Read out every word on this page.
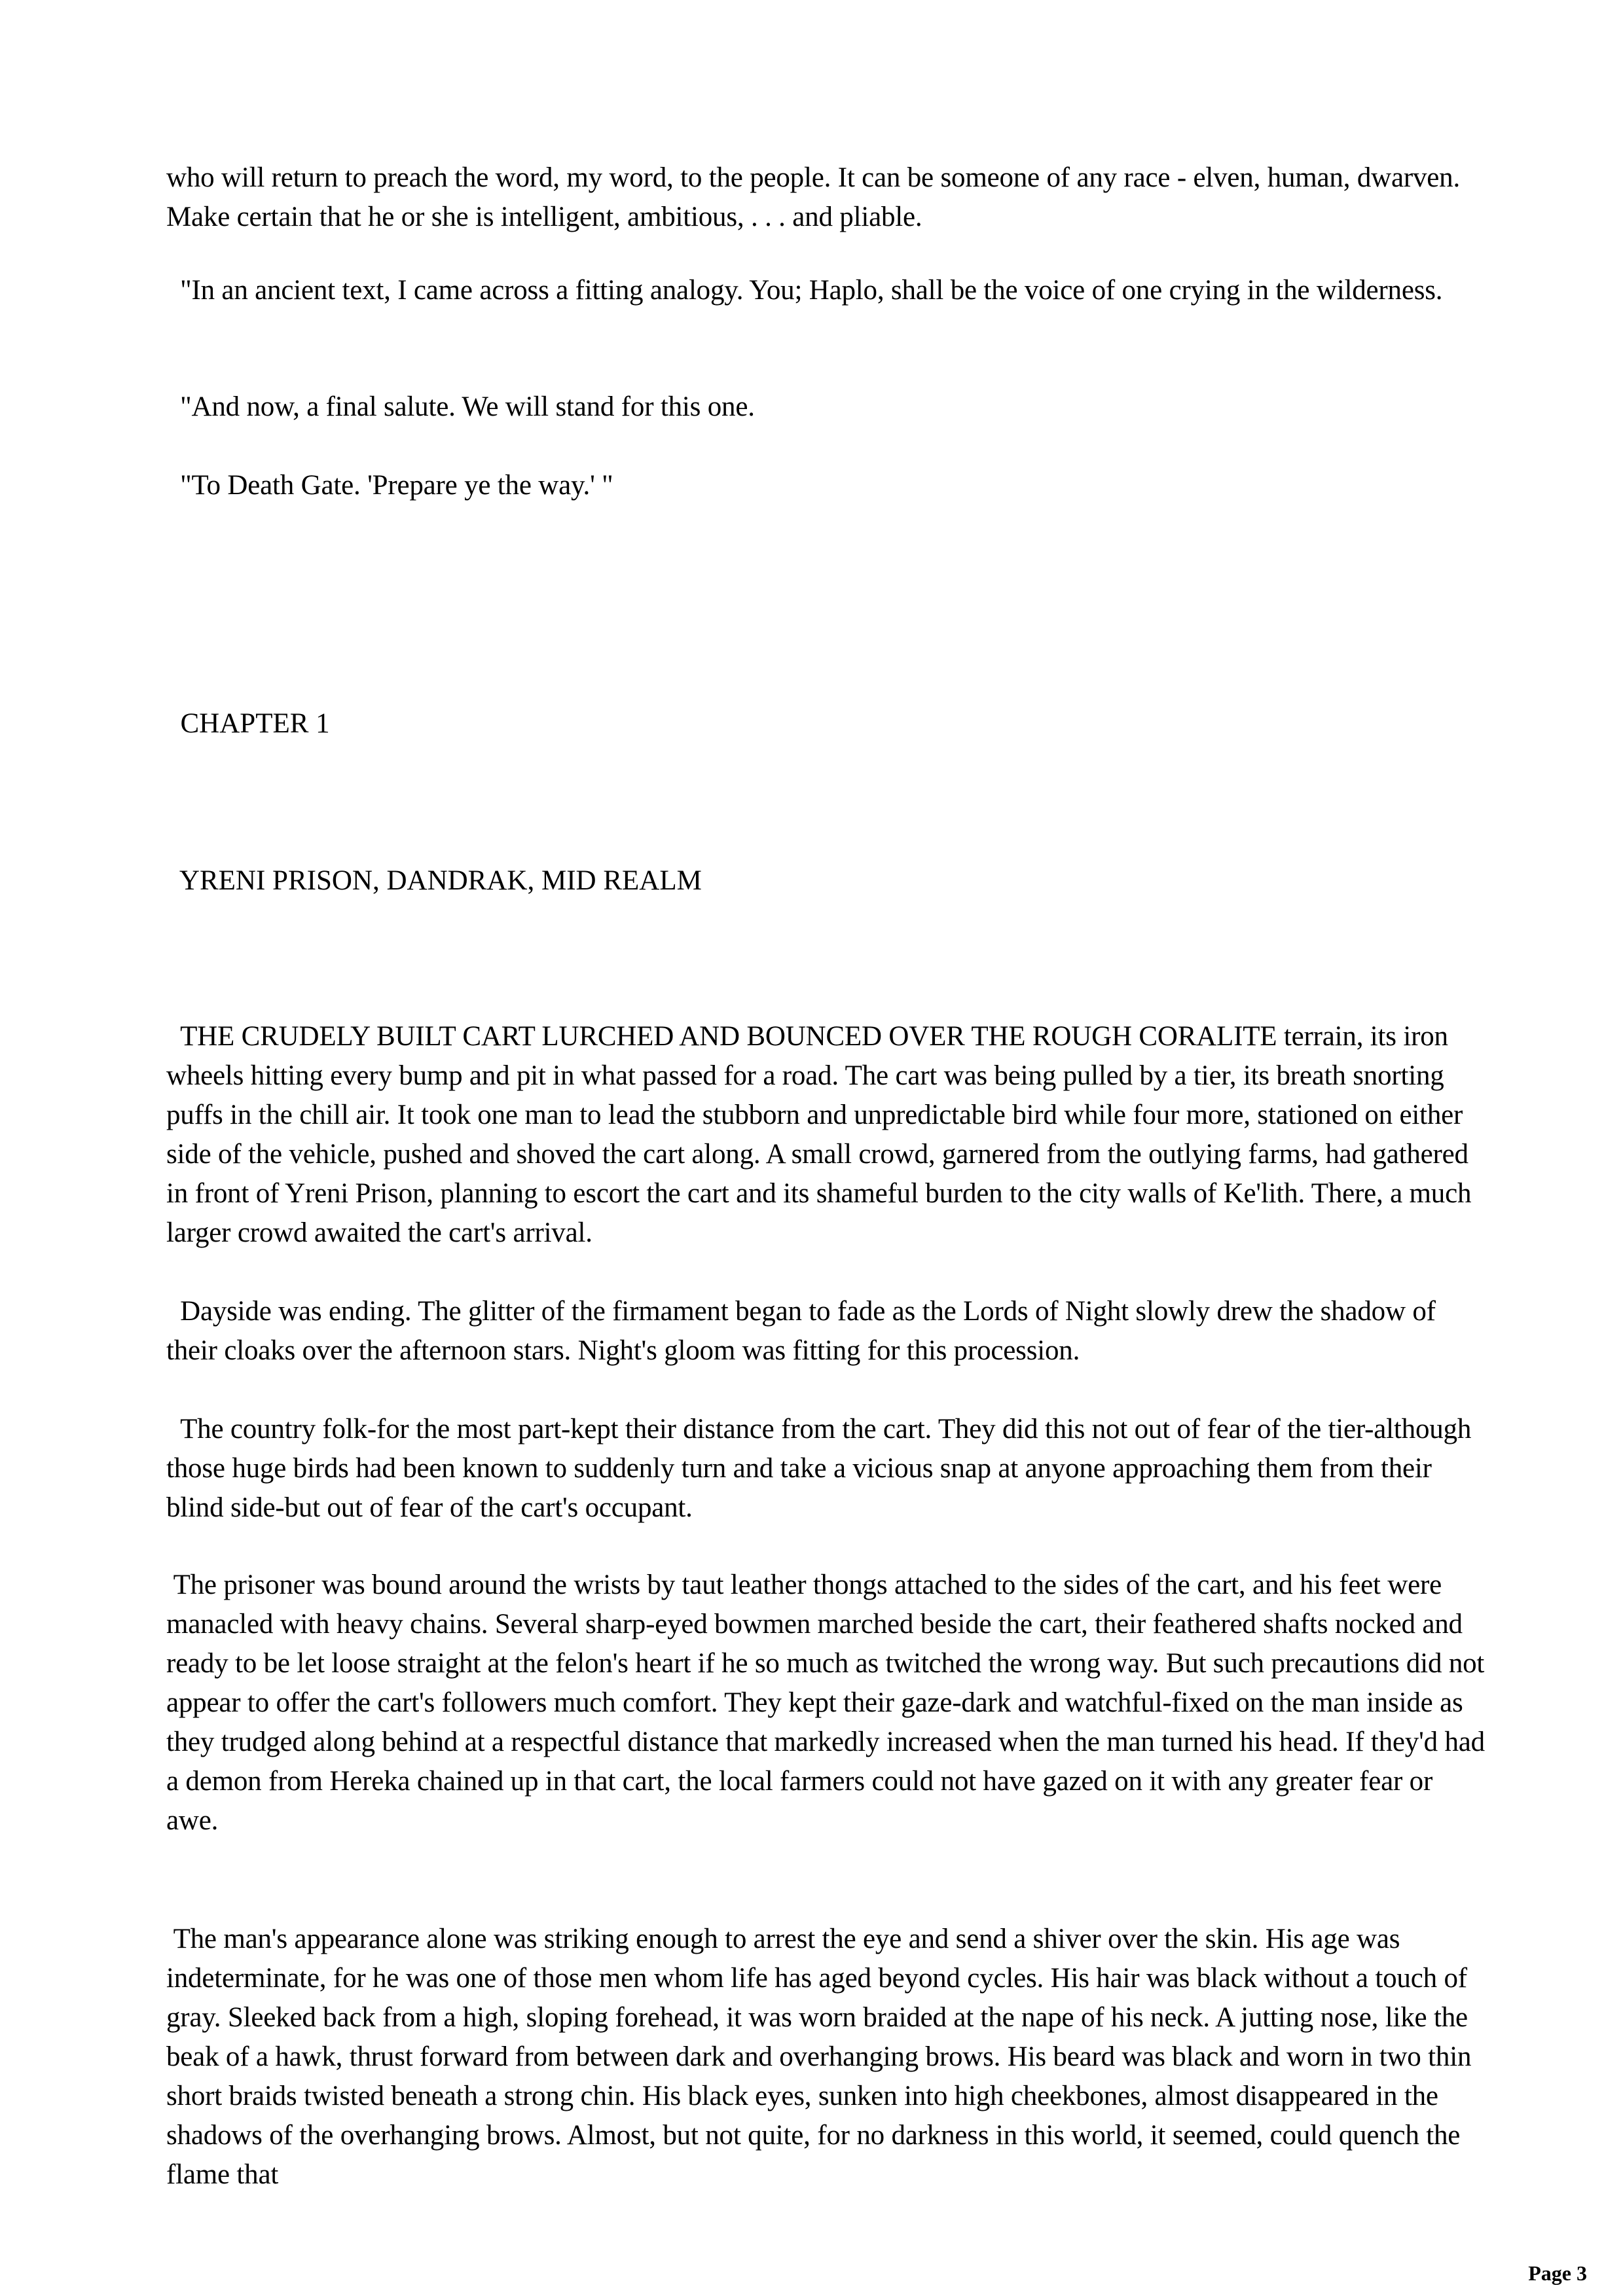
who will return to preach the word, my word, to the people. It can be someone of any race - elven, human, dwarven. Make certain that he or she is intelligent, ambitious, . . . and pliable.

"In an ancient text, I came across a fitting analogy. You; Haplo, shall be the voice of one crying in the wilderness.

"And now, a final salute. We will stand for this one.

"To Death Gate. 'Prepare ye the way.' "

CHAPTER 1

YRENI PRISON, DANDRAK, MID REALM

THE CRUDELY BUILT CART LURCHED AND BOUNCED OVER THE ROUGH CORALITE terrain, its iron wheels hitting every bump and pit in what passed for a road. The cart was being pulled by a tier, its breath snorting puffs in the chill air. It took one man to lead the stubborn and unpredictable bird while four more, stationed on either side of the vehicle, pushed and shoved the cart along. A small crowd, garnered from the outlying farms, had gathered in front of Yreni Prison, planning to escort the cart and its shameful burden to the city walls of Ke'lith. There, a much larger crowd awaited the cart's arrival.

Dayside was ending. The glitter of the firmament began to fade as the Lords of Night slowly drew the shadow of their cloaks over the afternoon stars. Night's gloom was fitting for this procession.

The country folk-for the most part-kept their distance from the cart. They did this not out of fear of the tier-although those huge birds had been known to suddenly turn and take a vicious snap at anyone approaching them from their blind side-but out of fear of the cart's occupant.

The prisoner was bound around the wrists by taut leather thongs attached to the sides of the cart, and his feet were manacled with heavy chains. Several sharp-eyed bowmen marched beside the cart, their feathered shafts nocked and ready to be let loose straight at the felon's heart if he so much as twitched the wrong way. But such precautions did not appear to offer the cart's followers much comfort. They kept their gaze-dark and watchful-fixed on the man inside as they trudged along behind at a respectful distance that markedly increased when the man turned his head. If they'd had a demon from Hereka chained up in that cart, the local farmers could not have gazed on it with any greater fear or awe.

The man's appearance alone was striking enough to arrest the eye and send a shiver over the skin. His age was indeterminate, for he was one of those men whom life has aged beyond cycles. His hair was black without a touch of gray. Sleeked back from a high, sloping forehead, it was worn braided at the nape of his neck. A jutting nose, like the beak of a hawk, thrust forward from between dark and overhanging brows. His beard was black and worn in two thin short braids twisted beneath a strong chin. His black eyes, sunken into high cheekbones, almost disappeared in the shadows of the overhanging brows. Almost, but not quite, for no darkness in this world, it seemed, could quench the flame that

Page 3
